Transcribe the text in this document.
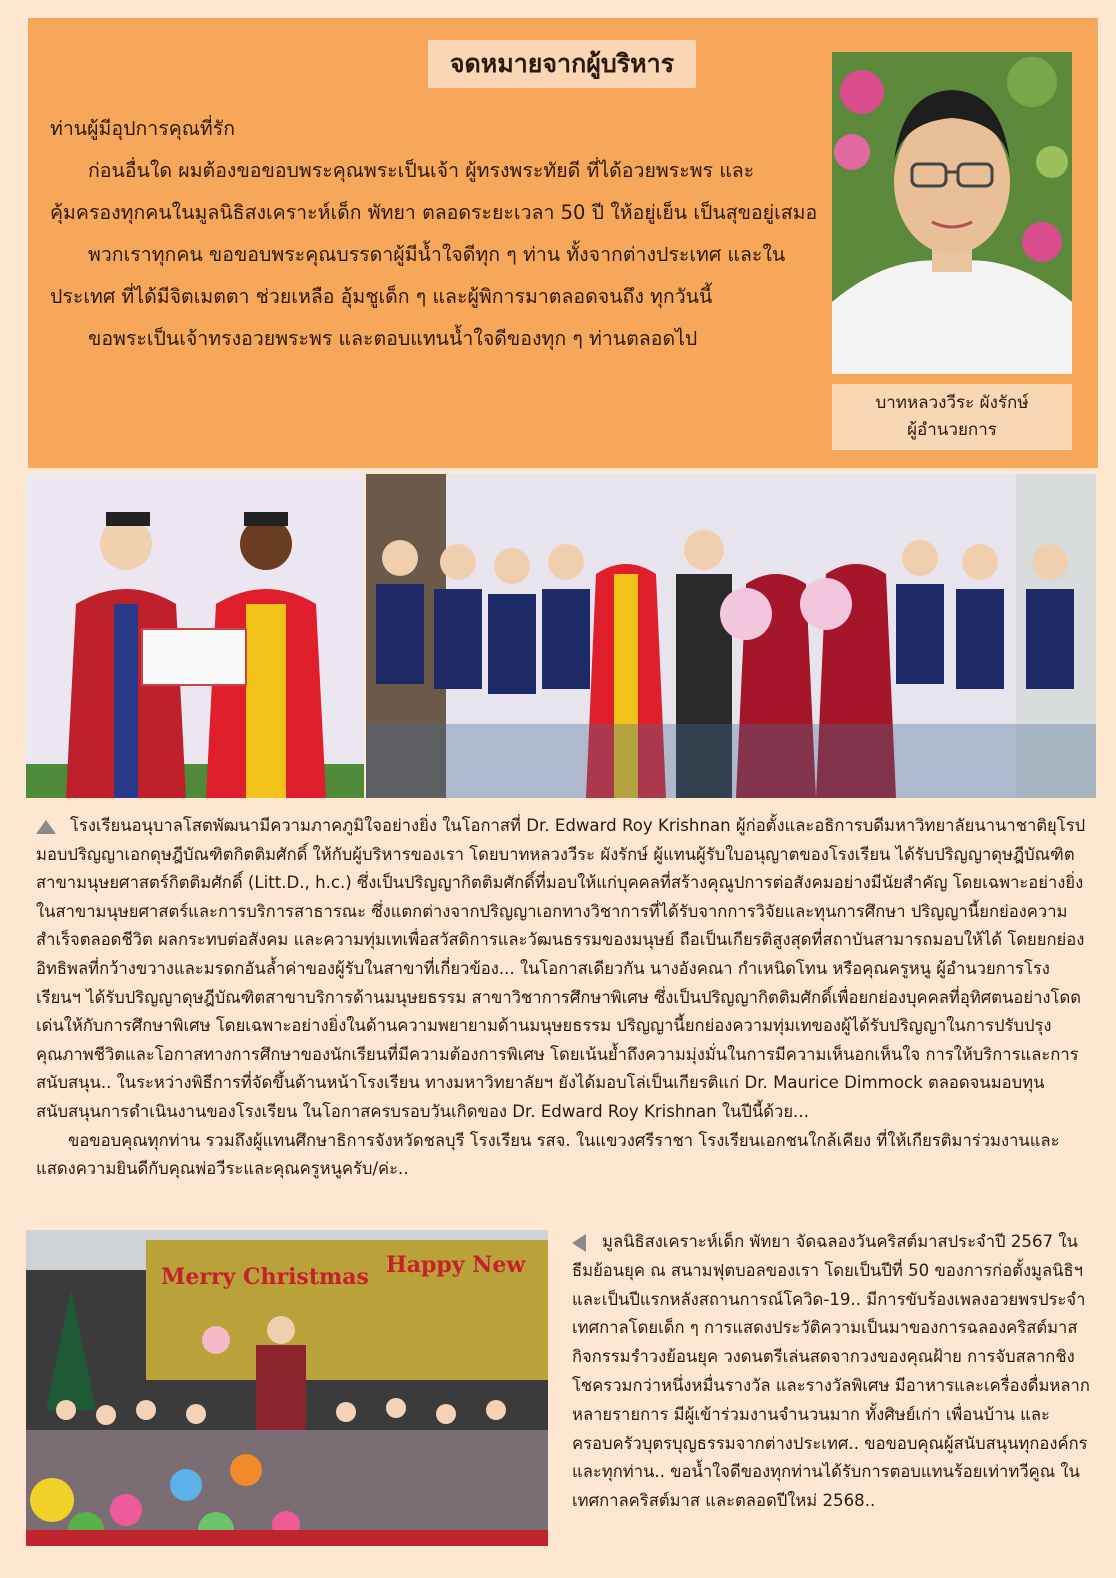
จดหมายจากผู้บริหาร

ท่านผู้มีอุปการคุณที่รัก

ก่อนอื่นใด ผมต้องขอขอบพระคุณพระเป็นเจ้า ผู้ทรงพระทัยดี ที่ได้อวยพระพร และคุ้มครองทุกคนในมูลนิธิสงเคราะห์เด็ก พัทยา ตลอดระยะเวลา 50 ปี ให้อยู่เย็น เป็นสุขอยู่เสมอ

พวกเราทุกคน ขอขอบพระคุณบรรดาผู้มีน้ำใจดีทุก ๆ ท่าน ทั้งจากต่างประเทศ และในประเทศ ที่ได้มีจิตเมตตา ช่วยเหลือ อุ้มชูเด็ก ๆ และผู้พิการมาตลอดจนถึง ทุกวันนี้

ขอพระเป็นเจ้าทรงอวยพระพร และตอบแทนน้ำใจดีของทุก ๆ ท่านตลอดไป

บาทหลวงวีระ ผังรักษ์
ผู้อำนวยการ

โรงเรียนอนุบาลโสตพัฒนามีความภาคภูมิใจอย่างยิ่ง ในโอกาสที่ Dr. Edward Roy Krishnan ผู้ก่อตั้งและอธิการบดีมหาวิทยาลัยนานาชาติยุโรป มอบปริญญาเอกดุษฎีบัณฑิตกิตติมศักดิ์ ให้กับผู้บริหารของเรา โดยบาทหลวงวีระ ผังรักษ์ ผู้แทนผู้รับใบอนุญาตของโรงเรียน ได้รับปริญญาดุษฎีบัณฑิตสาขามนุษยศาสตร์กิตติมศักดิ์ (Litt.D., h.c.) ซึ่งเป็นปริญญากิตติมศักดิ์ที่มอบให้แก่บุคคลที่สร้างคุณูปการต่อสังคมอย่างมีนัยสำคัญ โดยเฉพาะอย่างยิ่งในสาขามนุษยศาสตร์และการบริการสาธารณะ ซึ่งแตกต่างจากปริญญาเอกทางวิชาการที่ได้รับจากการวิจัยและทุนการศึกษา ปริญญานี้ยกย่องความสำเร็จตลอดชีวิต ผลกระทบต่อสังคม และความทุ่มเทเพื่อสวัสดิการและวัฒนธรรมของมนุษย์ ถือเป็นเกียรติสูงสุดที่สถาบันสามารถมอบให้ได้ โดยยกย่องอิทธิพลที่กว้างขวางและมรดกอันล้ำค่าของผู้รับในสาขาที่เกี่ยวข้อง... ในโอกาสเดียวกัน นางอังคณา กำเหนิดโทน หรือคุณครูหนู ผู้อำนวยการโรงเรียนฯ ได้รับปริญญาดุษฎีบัณฑิตสาขาบริการด้านมนุษยธรรม สาขาวิชาการศึกษาพิเศษ ซึ่งเป็นปริญญากิตติมศักดิ์เพื่อยกย่องบุคคลที่อุทิศตนอย่างโดดเด่นให้กับการศึกษาพิเศษ โดยเฉพาะอย่างยิ่งในด้านความพยายามด้านมนุษยธรรม ปริญญานี้ยกย่องความทุ่มเทของผู้ได้รับปริญญาในการปรับปรุงคุณภาพชีวิตและโอกาสทางการศึกษาของนักเรียนที่มีความต้องการพิเศษ โดยเน้นย้ำถึงความมุ่งมั่นในการมีความเห็นอกเห็นใจ การให้บริการและการสนับสนุน.. ในระหว่างพิธีการที่จัดขึ้นด้านหน้าโรงเรียน ทางมหาวิทยาลัยฯ ยังได้มอบโล่เป็นเกียรติแก่ Dr. Maurice Dimmock ตลอดจนมอบทุนสนับสนุนการดำเนินงานของโรงเรียน ในโอกาสครบรอบวันเกิดของ Dr. Edward Roy Krishnan ในปีนี้ด้วย...

ขอขอบคุณทุกท่าน รวมถึงผู้แทนศึกษาธิการจังหวัดชลบุรี โรงเรียน รสจ. ในแขวงศรีราชา โรงเรียนเอกชนใกล้เคียง ที่ให้เกียรติมาร่วมงานและแสดงความยินดีกับคุณพ่อวีระและคุณครูหนูครับ/ค่ะ..

Merry Christmas Happy New
มูลนิธิสงเคราะห์เด็ก พัทยา จัดฉลองวันคริสต์มาสประจำปี 2567 ในธีมย้อนยุค ณ สนามฟุตบอลของเรา โดยเป็นปีที่ 50 ของการก่อตั้งมูลนิธิฯ และเป็นปีแรกหลังสถานการณ์โควิด-19.. มีการขับร้องเพลงอวยพรประจำเทศกาลโดยเด็ก ๆ การแสดงประวัติความเป็นมาของการฉลองคริสต์มาส กิจกรรมรำวงย้อนยุค วงดนตรีเล่นสดจากวงของคุณฝ้าย การจับสลากชิงโชครวมกว่าหนึ่งหมื่นรางวัล และรางวัลพิเศษ มีอาหารและเครื่องดื่มหลากหลายรายการ มีผู้เข้าร่วมงานจำนวนมาก ทั้งศิษย์เก่า เพื่อนบ้าน และครอบครัวบุตรบุญธรรมจากต่างประเทศ.. ขอขอบคุณผู้สนับสนุนทุกองค์กรและทุกท่าน.. ขอน้ำใจดีของทุกท่านได้รับการตอบแทนร้อยเท่าทวีคูณ ในเทศกาลคริสต์มาส และตลอดปีใหม่ 2568..
